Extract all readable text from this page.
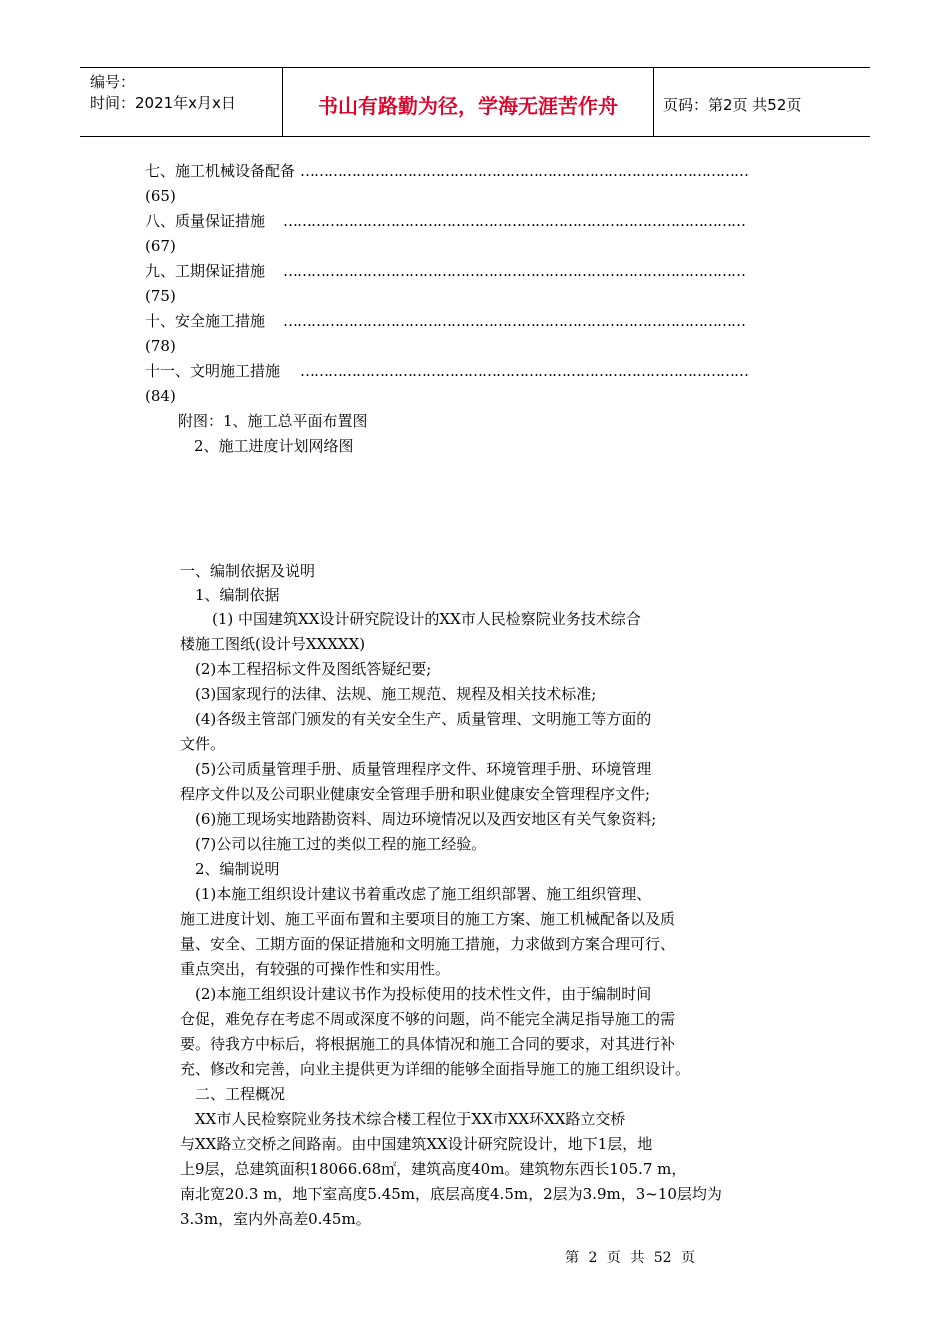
编号：
时间：2021年x月x日	书山有路勤为径，学海无涯苦作舟	页码：第2页 共52页
七、施工机械设备配备 ……………………………………………………………………………………
(65)
八、质量保证措施 ………………………………………………………………………………………
(67)
九、工期保证措施 ………………………………………………………………………………………
(75)
十、安全施工措施 ………………………………………………………………………………………
(78)
十一、文明施工措施 ……………………………………………………………………………………
(84)
附图：1、施工总平面布置图
2、施工进度计划网络图
一、编制依据及说明
1、编制依据
(1) 中国建筑XX设计研究院设计的XX市人民检察院业务技术综合
楼施工图纸(设计号XXXXX)
(2)本工程招标文件及图纸答疑纪要;
(3)国家现行的法律、法规、施工规范、规程及相关技术标准;
(4)各级主管部门颁发的有关安全生产、质量管理、文明施工等方面的
文件。
(5)公司质量管理手册、质量管理程序文件、环境管理手册、环境管理
程序文件以及公司职业健康安全管理手册和职业健康安全管理程序文件;
(6)施工现场实地踏勘资料、周边环境情况以及西安地区有关气象资料;
(7)公司以往施工过的类似工程的施工经验。
2、编制说明
(1)本施工组织设计建议书着重改虑了施工组织部署、施工组织管理、
施工进度计划、施工平面布置和主要项目的施工方案、施工机械配备以及质
量、安全、工期方面的保证措施和文明施工措施，力求做到方案合理可行、
重点突出，有较强的可操作性和实用性。
(2)本施工组织设计建议书作为投标使用的技术性文件，由于编制时间
仓促，难免存在考虑不周或深度不够的问题，尚不能完全满足指导施工的需
要。待我方中标后，将根据施工的具体情况和施工合同的要求，对其进行补
充、修改和完善，向业主提供更为详细的能够全面指导施工的施工组织设计。
二、工程概况
XX市人民检察院业务技术综合楼工程位于XX市XX环XX路立交桥
与XX路立交桥之间路南。由中国建筑XX设计研究院设计，地下1层，地
上9层，总建筑面积18066.68㎡，建筑高度40m。建筑物东西长105.7 m，
南北宽20.3 m，地下室高度5.45m，底层高度4.5m，2层为3.9m，3~10层均为
3.3m，室内外高差0.45m。
第 2 页 共 52 页
